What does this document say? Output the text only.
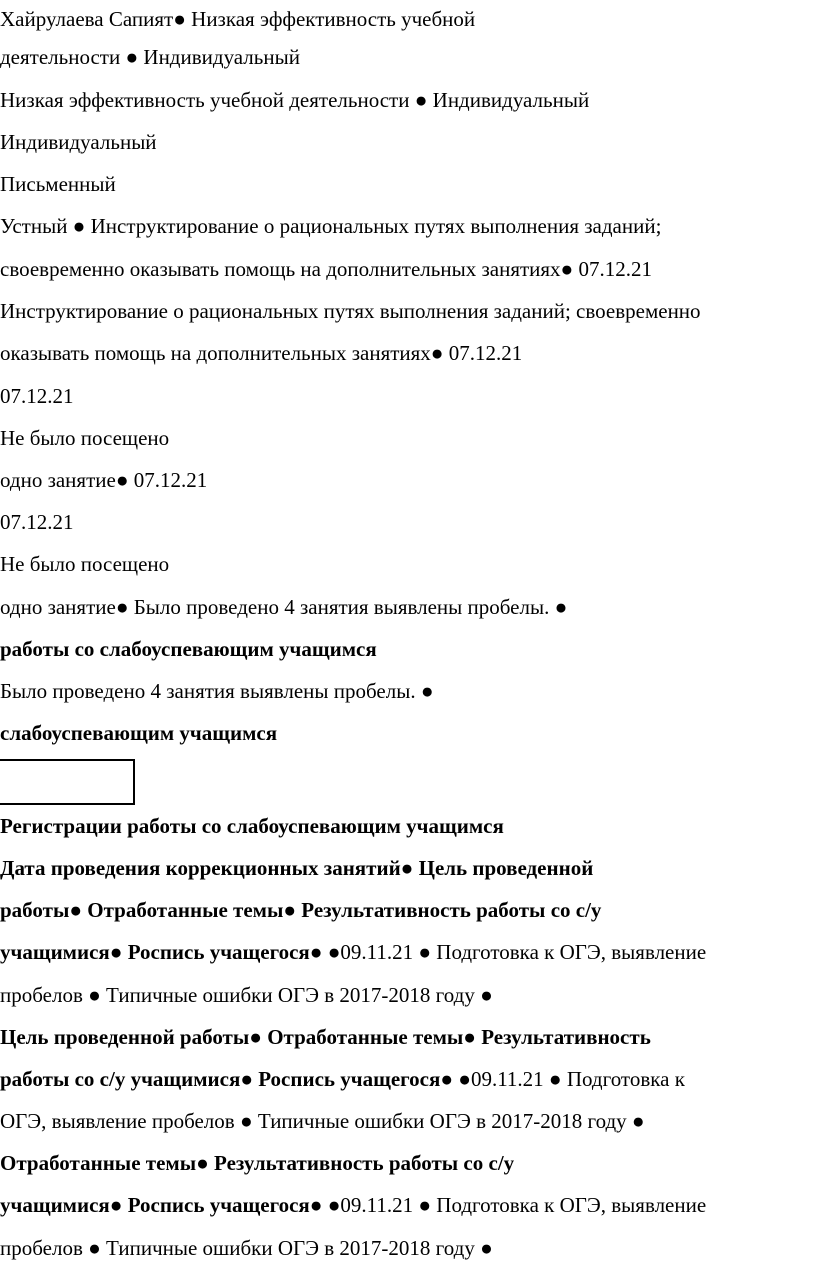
Хайрулаева Сапият● Низкая эффективность учебной
деятельности ● Индивидуальный
Низкая эффективность учебной деятельности ● Индивидуальный
Индивидуальный
Письменный
Устный ● Инструктирование о рациональных путях выполнения заданий;
своевременно оказывать помощь на дополнительных занятиях● 07.12.21
Инструктирование о рациональных путях выполнения заданий; своевременно
оказывать помощь на дополнительных занятиях● 07.12.21
07.12.21
Не было посещено
одно занятие● 07.12.21
07.12.21
Не было посещено
одно занятие● Было проведено 4 занятия выявлены пробелы. ●
работы со слабоуспевающим учащимся
Было проведено 4 занятия выявлены пробелы. ●
слабоуспевающим учащимся
Регистрации работы со слабоуспевающим учащимся
Дата проведения коррекционных занятий● Цель проведенной
работы● Отработанные темы● Результативность работы со с/у
учащимися● Роспись учащегося● ●09.11.21 ● Подготовка к ОГЭ, выявление
пробелов ● Типичные ошибки ОГЭ в 2017-2018 году ●
Цель проведенной работы● Отработанные темы● Результативность
работы со с/у учащимися● Роспись учащегося● ●09.11.21 ● Подготовка к
ОГЭ, выявление пробелов ● Типичные ошибки ОГЭ в 2017-2018 году ●
Отработанные темы● Результативность работы со с/у
учащимися● Роспись учащегося● ●09.11.21 ● Подготовка к ОГЭ, выявление
пробелов ● Типичные ошибки ОГЭ в 2017-2018 году ●
